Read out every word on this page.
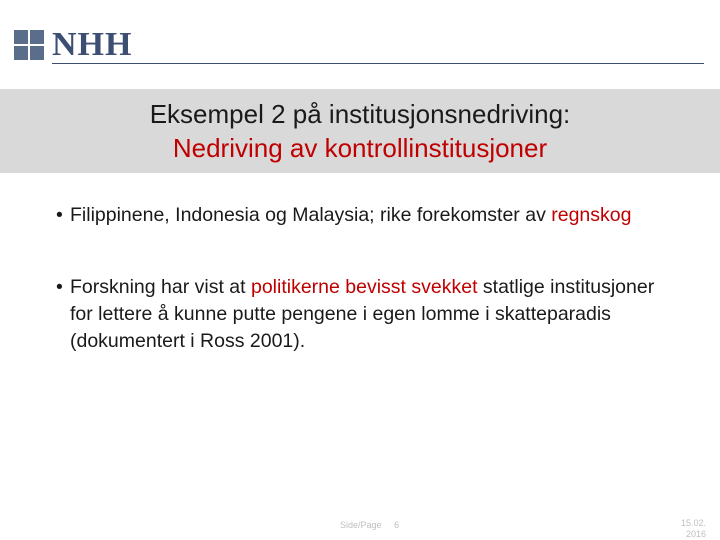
NHH
Eksempel 2 på institusjonsnedriving:
Nedriving av kontrollinstitusjoner
• Filippinene, Indonesia og Malaysia; rike forekomster av regnskog
• Forskning har vist at politikerne bevisst svekket statlige institusjoner for lettere å kunne putte pengene i egen lomme i skatteparadis (dokumentert i Ross 2001).
Side/Page 6	15.02.
2016
